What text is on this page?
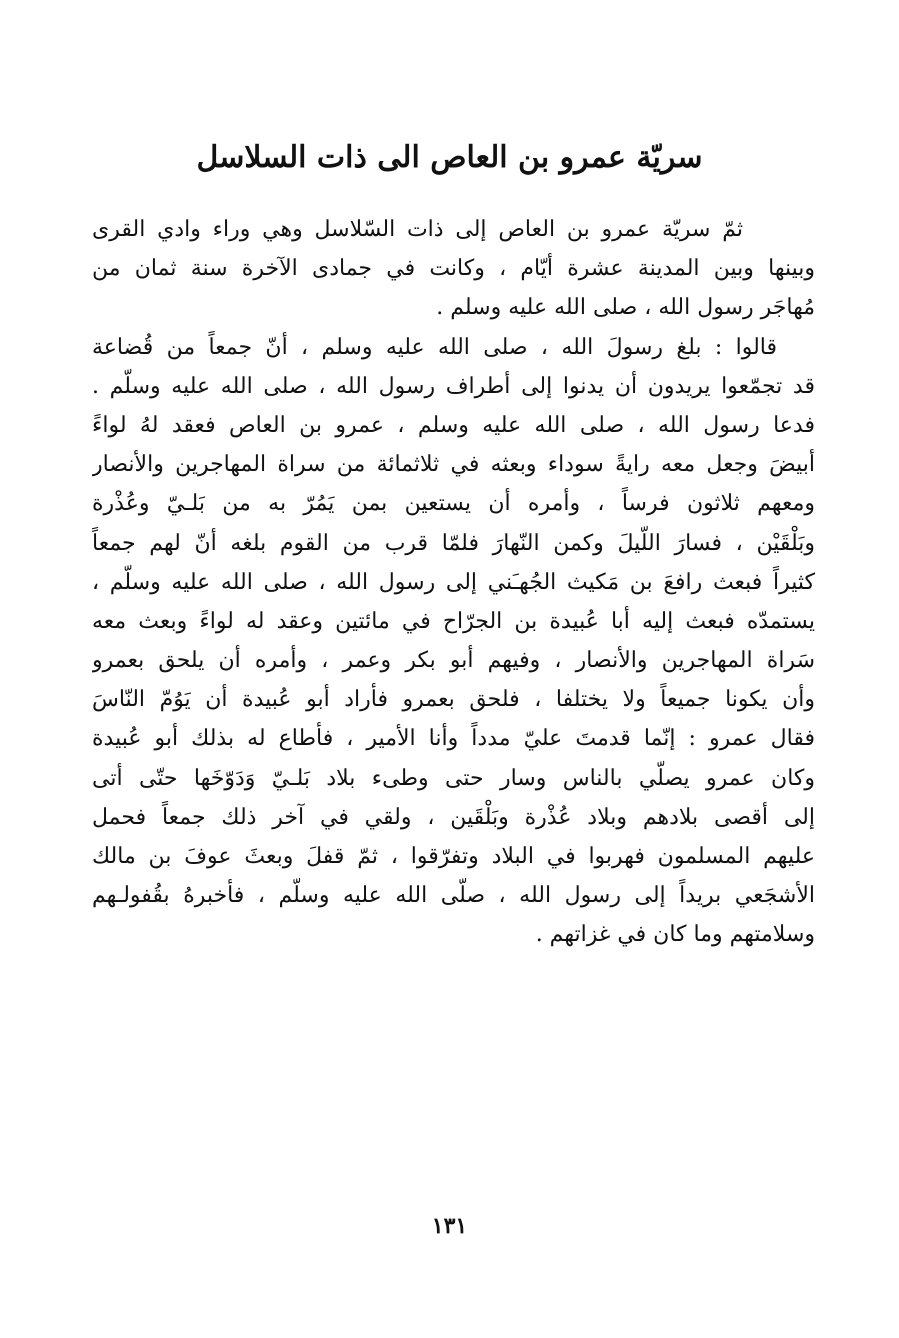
سريّة عمرو بن العاص الى ذات السلاسل
ثمّ سريّة عمرو بن العاص إلى ذات السّلاسل وهي وراء وادي القرى
وبينها وبين المدينة عشرة أيّام ، وكانت في جمادى الآخرة سنة ثمان من
مُهاجَر رسول الله ، صلى الله عليه وسلم .
قالوا : بلغ رسولَ الله ، صلى الله عليه وسلم ، أنّ جمعاً من قُضاعة
قد تجمّعوا يريدون أن يدنوا إلى أطراف رسول الله ، صلى الله عليه وسلّم .
فدعا رسول الله ، صلى الله عليه وسلم ، عمرو بن العاص فعقد لهُ لواءً
أبيضَ وجعل معه رايةً سوداء وبعثه في ثلاثمائة من سراة المهاجرين والأنصار
ومعهم ثلاثون فرساً ، وأمره أن يستعين بمن يَمُرّ به من بَلـيّ وعُذْرة
وبَلْقَيْن ، فسارَ اللّيلَ وكمن النّهارَ فلمّا قرب من القوم بلغه أنّ لهم جمعاً
كثيراً فبعث رافعَ بن مَكيث الجُهـَني إلى رسول الله ، صلى الله عليه وسلّم ،
يستمدّه فبعث إليه أبا عُبيدة بن الجرّاح في مائتين وعقد له لواءً وبعث معه
سَراة المهاجرين والأنصار ، وفيهم أبو بكر وعمر ، وأمره أن يلحق بعمرو
وأن يكونا جميعاً ولا يختلفا ، فلحق بعمرو فأراد أبو عُبيدة أن يَوُمّ النّاسَ
فقال عمرو : إنّما قدمتَ عليّ مدداً وأنا الأمير ، فأطاع له بذلك أبو عُبيدة
وكان عمرو يصلّي بالناس وسار حتى وطىء بلاد بَلـيّ وَدَوّخَها حتّى أتى
إلى أقصى بلادهم وبلاد عُذْرة وبَلْقَين ، ولقي في آخر ذلك جمعاً فحمل
عليهم المسلمون فهربوا في البلاد وتفرّقوا ، ثمّ قفلَ وبعثَ عوفَ بن مالك
الأشجَعي بريداً إلى رسول الله ، صلّى الله عليه وسلّم ، فأخبرهُ بقُفولـهم
وسلامتهم وما كان في غزاتهم .
١٣١
